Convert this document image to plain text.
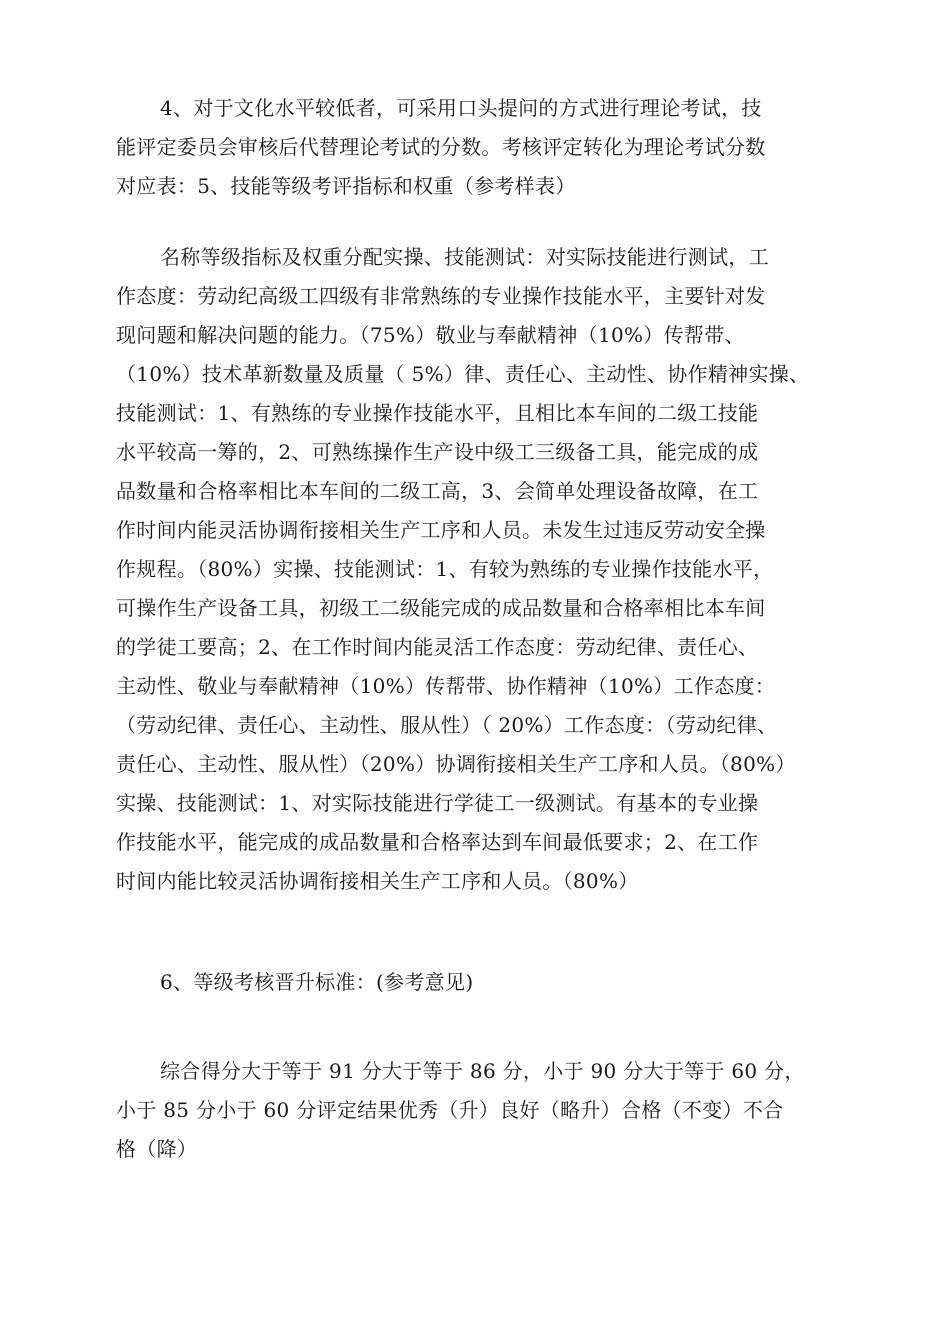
4、对于文化水平较低者，可采用口头提问的方式进行理论考试，技
能评定委员会审核后代替理论考试的分数。考核评定转化为理论考试分数
对应表：5、技能等级考评指标和权重（参考样表）
名称等级指标及权重分配实操、技能测试：对实际技能进行测试，工
作态度：劳动纪高级工四级有非常熟练的专业操作技能水平，主要针对发
现问题和解决问题的能力。（75%）敬业与奉献精神（10%）传帮带、
（10%）技术革新数量及质量（ 5%）律、责任心、主动性、协作精神实操、
技能测试：1、有熟练的专业操作技能水平，且相比本车间的二级工技能
水平较高一筹的，2、可熟练操作生产设中级工三级备工具，能完成的成
品数量和合格率相比本车间的二级工高，3、会简单处理设备故障，在工
作时间内能灵活协调衔接相关生产工序和人员。未发生过违反劳动安全操
作规程。（80%）实操、技能测试：1、有较为熟练的专业操作技能水平，
可操作生产设备工具，初级工二级能完成的成品数量和合格率相比本车间
的学徒工要高；2、在工作时间内能灵活工作态度：劳动纪律、责任心、
主动性、敬业与奉献精神（10%）传帮带、协作精神（10%）工作态度：
（劳动纪律、责任心、主动性、服从性）（ 20%）工作态度：（劳动纪律、
责任心、主动性、服从性）（20%）协调衔接相关生产工序和人员。（80%）
实操、技能测试：1、对实际技能进行学徒工一级测试。有基本的专业操
作技能水平，能完成的成品数量和合格率达到车间最低要求；2、在工作
时间内能比较灵活协调衔接相关生产工序和人员。（80%）
6、等级考核晋升标准：(参考意见)
综合得分大于等于 91 分大于等于 86 分，小于 90 分大于等于 60 分，
小于 85 分小于 60 分评定结果优秀（升）良好（略升）合格（不变）不合
格（降）
